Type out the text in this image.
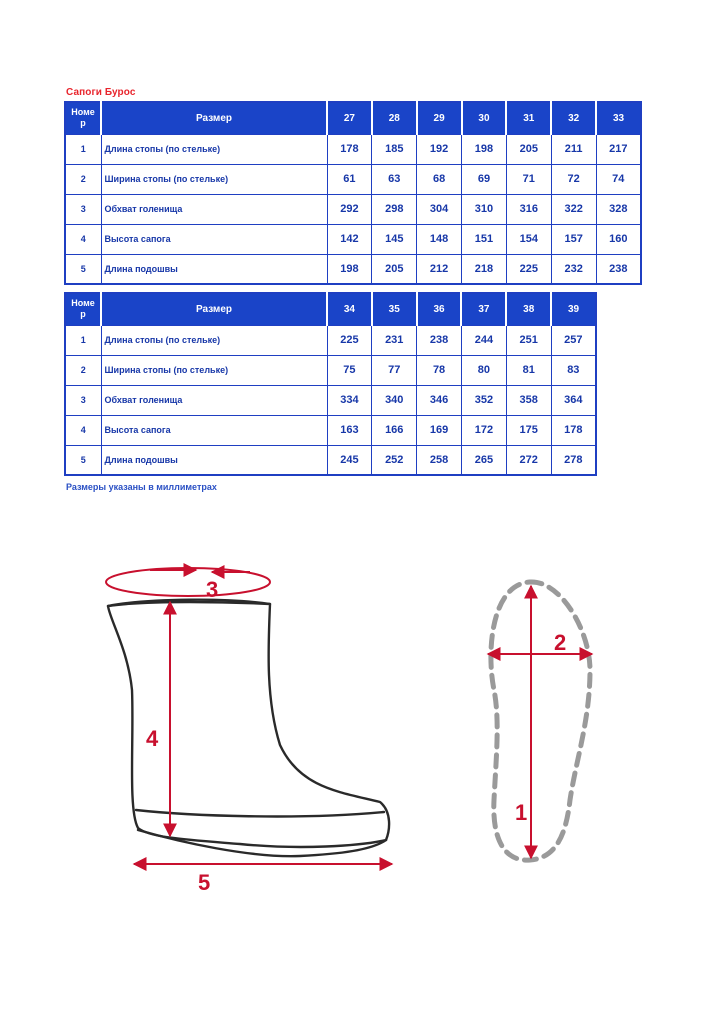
Сапоги Бурос
Номе
р	Размер	27	28	29	30	31	32	33
1	Длина стопы (по стельке)	178	185	192	198	205	211	217
2	Ширина стопы (по стельке)	61	63	68	69	71	72	74
3	Обхват голенища	292	298	304	310	316	322	328
4	Высота сапога	142	145	148	151	154	157	160
5	Длина подошвы	198	205	212	218	225	232	238
Номе
р	Размер	34	35	36	37	38	39
1	Длина стопы (по стельке)	225	231	238	244	251	257
2	Ширина стопы (по стельке)	75	77	78	80	81	83
3	Обхват голенища	334	340	346	352	358	364
4	Высота сапога	163	166	169	172	175	178
5	Длина подошвы	245	252	258	265	272	278
Размеры указаны в миллиметрах
3
4
5
1
2
